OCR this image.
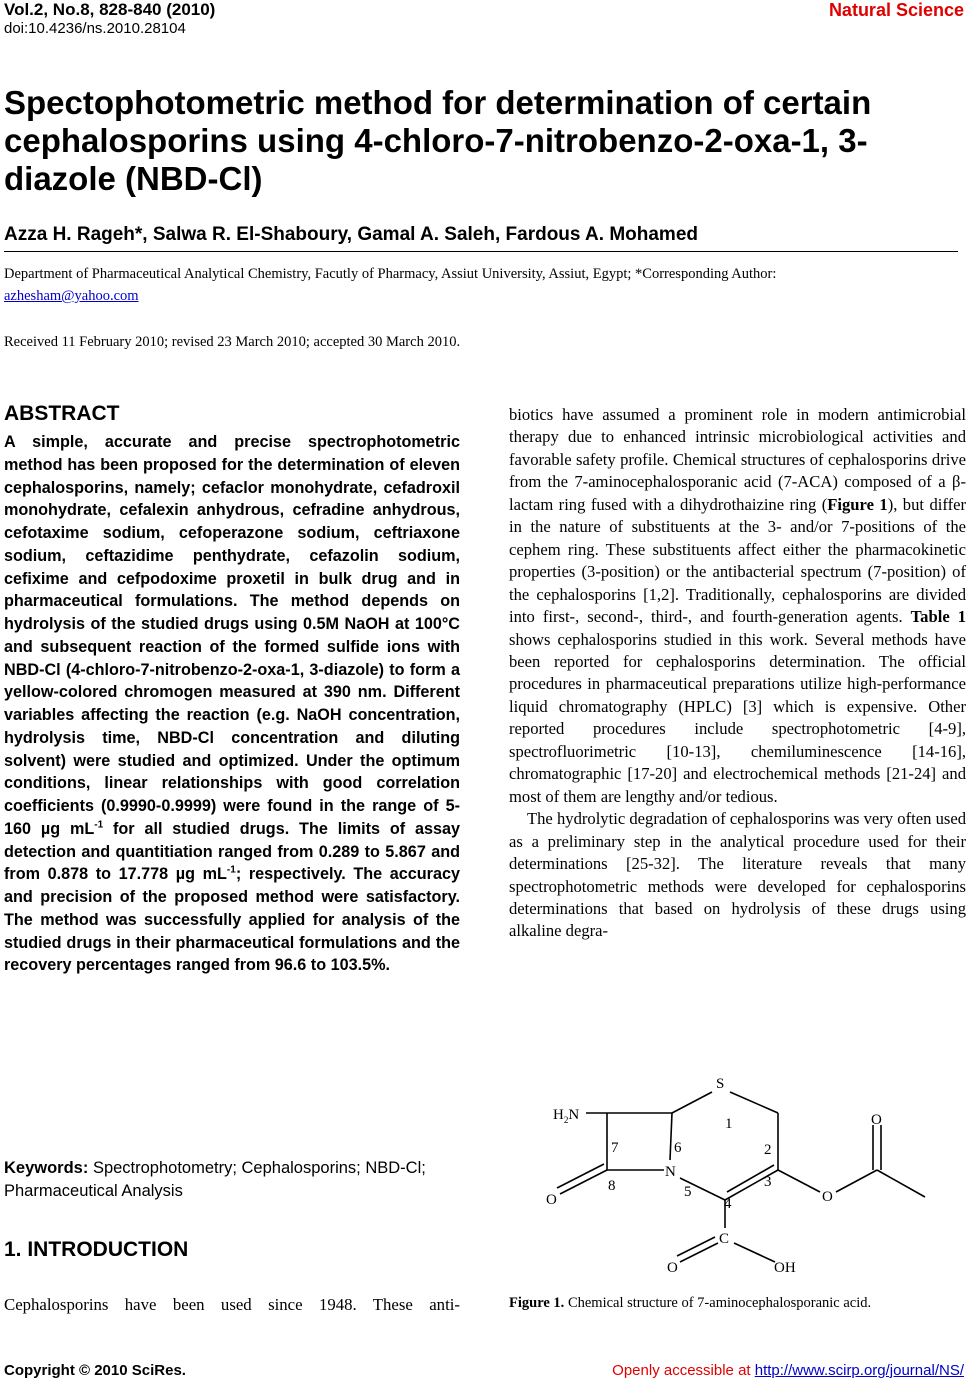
Vol.2, No.8, 828-840 (2010)
doi:10.4236/ns.2010.28104
Natural Science
Spectophotometric method for determination of certain cephalosporins using 4-chloro-7-nitrobenzo-2-oxa-1, 3-diazole (NBD-Cl)
Azza H. Rageh*, Salwa R. El-Shaboury, Gamal A. Saleh, Fardous A. Mohamed
Department of Pharmaceutical Analytical Chemistry, Facutly of Pharmacy, Assiut University, Assiut, Egypt; *Corresponding Author:
azhesham@yahoo.com
Received 11 February 2010; revised 23 March 2010; accepted 30 March 2010.
ABSTRACT
A simple, accurate and precise spectrophotometric method has been proposed for the determination of eleven cephalosporins, namely; cefaclor monohydrate, cefadroxil monohydrate, cefalexin anhydrous, cefradine anhydrous, cefotaxime sodium, cefoperazone sodium, ceftriaxone sodium, ceftazidime penthydrate, cefazolin sodium, cefixime and cefpodoxime proxetil in bulk drug and in pharmaceutical formulations. The method depends on hydrolysis of the studied drugs using 0.5M NaOH at 100°C and subsequent reaction of the formed sulfide ions with NBD-Cl (4-chloro-7-nitrobenzo-2-oxa-1, 3-diazole) to form a yellow-colored chromogen measured at 390 nm. Different variables affecting the reaction (e.g. NaOH concentration, hydrolysis time, NBD-Cl concentration and diluting solvent) were studied and optimized. Under the optimum conditions, linear relationships with good correlation coefficients (0.9990-0.9999) were found in the range of 5-160 µg $mL^{-1}$ for all studied drugs. The limits of assay detection and quantitiation ranged from 0.289 to 5.867 and from 0.878 to 17.778 µg $mL^{-1}$; respectively. The accuracy and precision of the proposed method were satisfactory. The method was successfully applied for analysis of the studied drugs in their pharmaceutical formulations and the recovery percentages ranged from 96.6 to 103.5%.
Keywords: Spectrophotometry; Cephalosporins; NBD-Cl; Pharmaceutical Analysis
1. INTRODUCTION
Cephalosporins have been used since 1948. These anti-

biotics have assumed a prominent role in modern antimicrobial therapy due to enhanced intrinsic microbiological activities and favorable safety profile. Chemical structures of cephalosporins drive from the 7-aminocephalosporanic acid (7-ACA) composed of a β-lactam ring fused with a dihydrothaizine ring (Figure 1), but differ in the nature of substituents at the 3- and/or 7-positions of the cephem ring. These substituents affect either the pharmacokinetic properties (3-position) or the antibacterial spectrum (7-position) of the cephalosporins [1,2]. Traditionally, cephalosporins are divided into first-, second-, third-, and fourth-generation agents. Table 1 shows cephalosporins studied in this work. Several methods have been reported for cephalosporins determination. The official procedures in pharmaceutical preparations utilize high-performance liquid chromatography (HPLC) [3] which is expensive. Other reported procedures include spectrophotometric [4-9], spectrofluorimetric [10-13], chemiluminescence [14-16], chromatographic [17-20] and electrochemical methods [21-24] and most of them are lengthy and/or tedious.

The hydrolytic degradation of cephalosporins was very often used as a preliminary step in the analytical procedure used for their determinations [25-32]. The literature reveals that many spectrophotometric methods were developed for cephalosporins determinations that based on hydrolysis of these drugs using alkaline degra-

S
1
2
3
4
5
6
7
8
$H_2N$
N
O	O
O
C
O	OH
Figure 1. Chemical structure of 7-aminocephalosporanic acid.
Copyright © 2010 SciRes.	Openly accessible at http://www.scirp.org/journal/NS/
